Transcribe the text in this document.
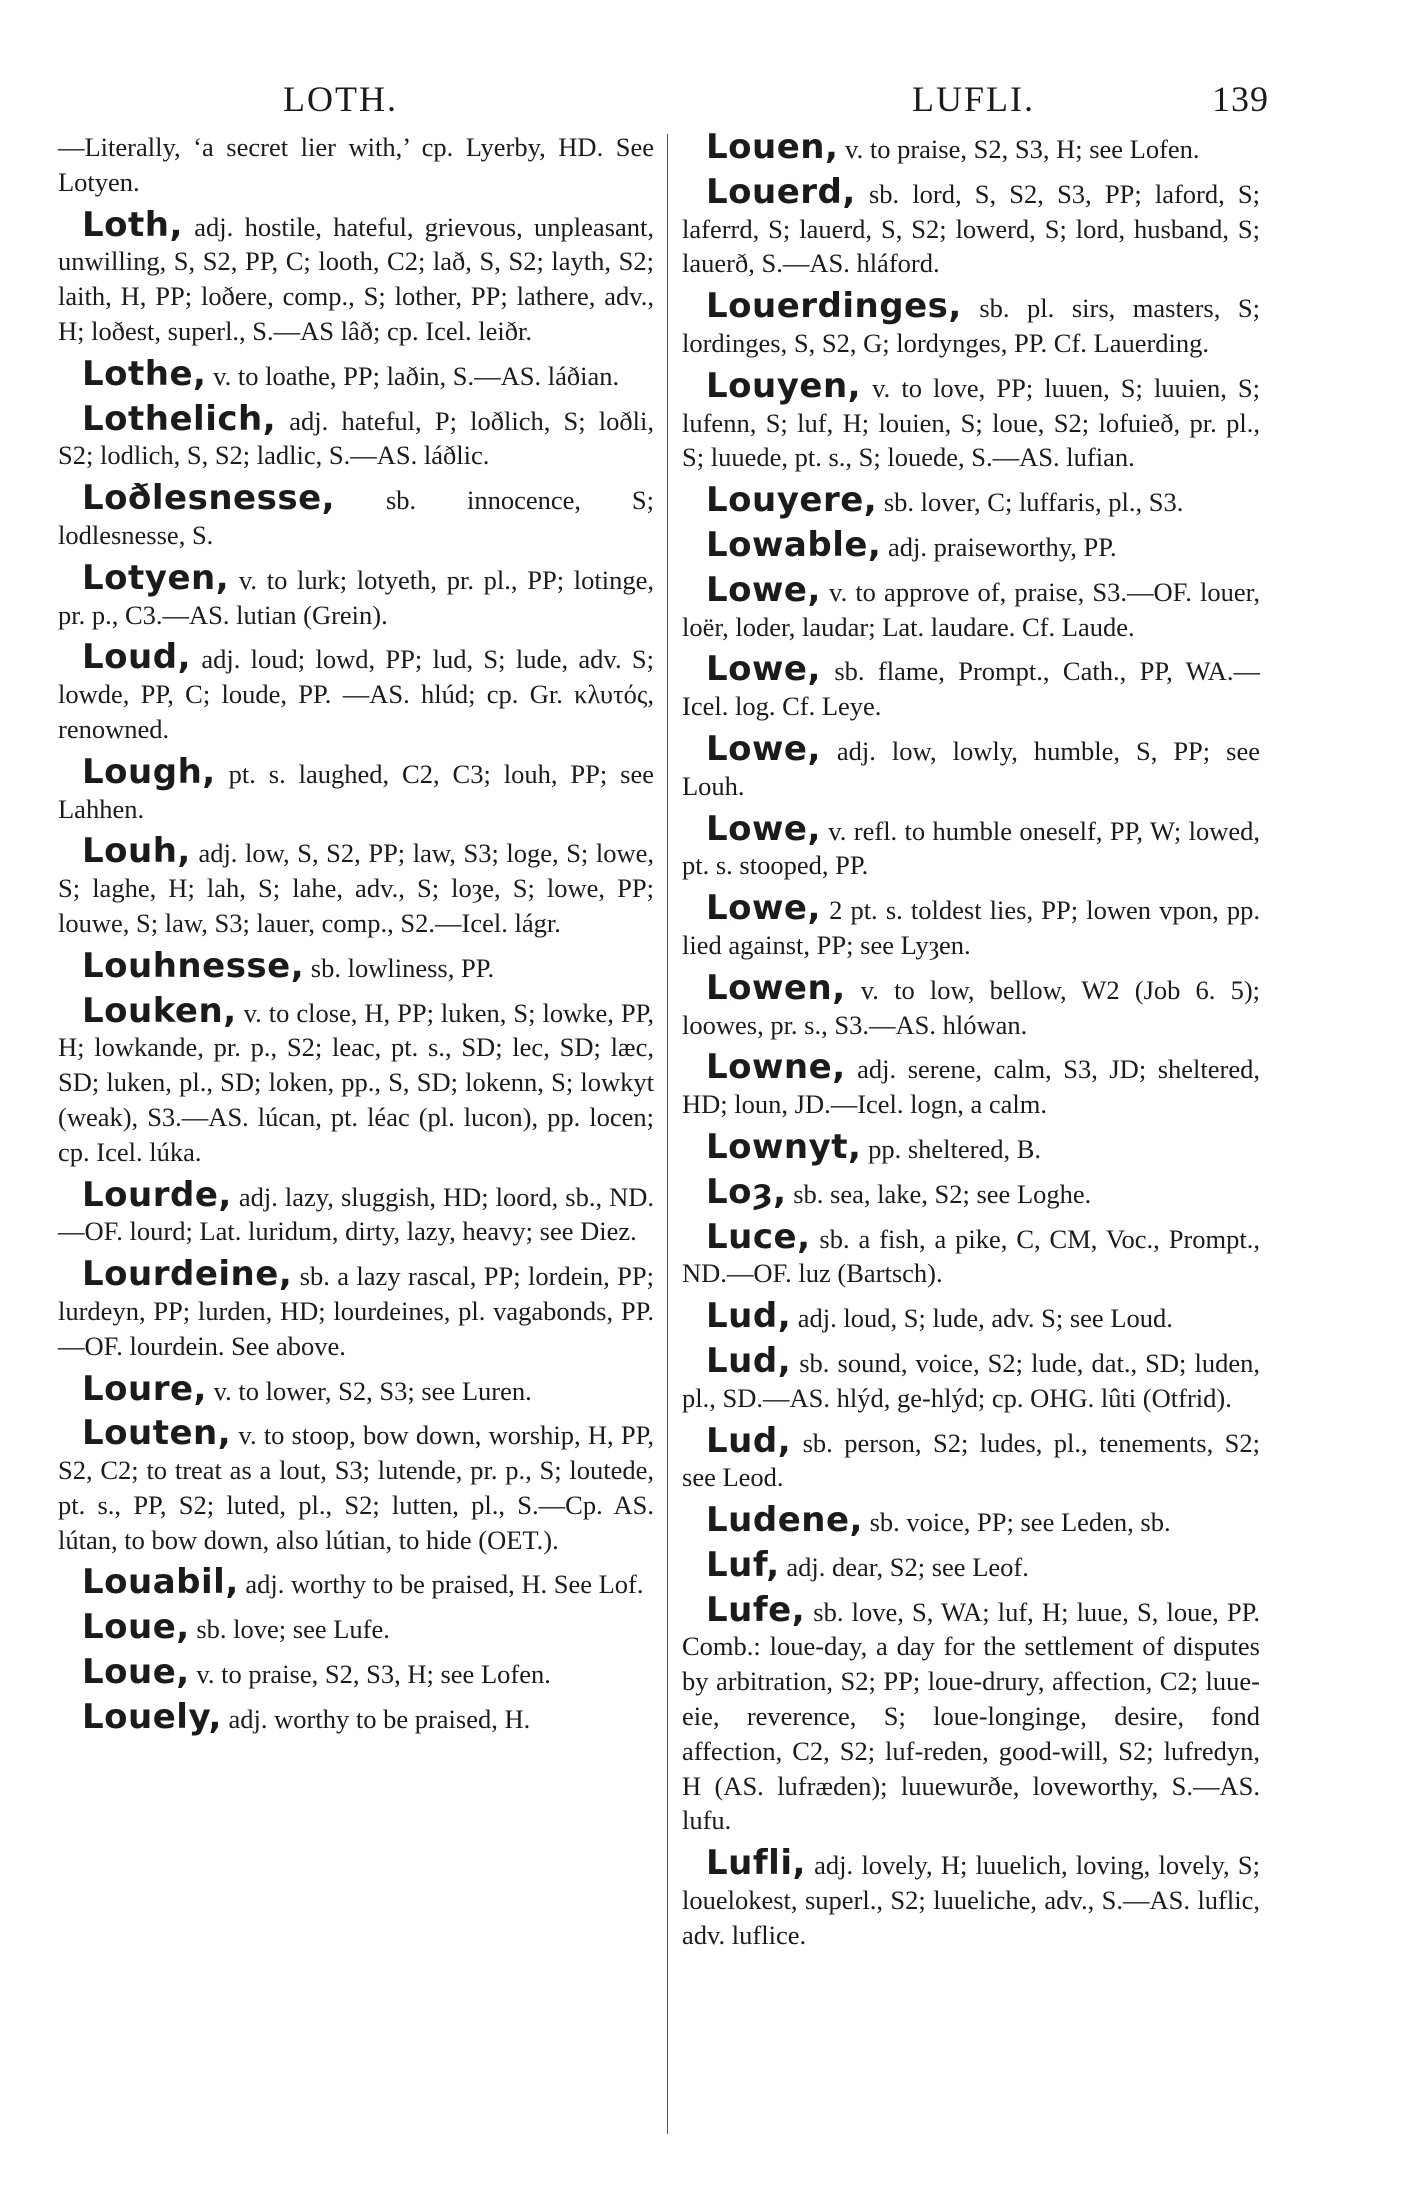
LOTH.	LUFLI.	139

—Literally, ‘a secret lier with,’ cp. Lyerby, HD. See Lotyen.

Loth, adj. hostile, hateful, grievous, unpleasant, unwilling, S, S2, PP, C; looth, C2; lað, S, S2; layth, S2; laith, H, PP; loðere, comp., S; lother, PP; lathere, adv., H; loðest, superl., S.—AS lâð; cp. Icel. leiðr.

Lothe, v. to loathe, PP; laðin, S.—AS. láðian.

Lothelich, adj. hateful, P; loðlich, S; loðli, S2; lodlich, S, S2; ladlic, S.—AS. láðlic.

Loðlesnesse, sb. innocence, S; lodlesnesse, S.

Lotyen, v. to lurk; lotyeth, pr. pl., PP; lotinge, pr. p., C3.—AS. lutian (Grein).

Loud, adj. loud; lowd, PP; lud, S; lude, adv. S; lowde, PP, C; loude, PP. —AS. hlúd; cp. Gr. κλυτός, renowned.

Lough, pt. s. laughed, C2, C3; louh, PP; see Lahhen.

Louh, adj. low, S, S2, PP; law, S3; loge, S; lowe, S; laghe, H; lah, S; lahe, adv., S; loȝe, S; lowe, PP; louwe, S; law, S3; lauer, comp., S2.—Icel. lágr.

Louhnesse, sb. lowliness, PP.

Louken, v. to close, H, PP; luken, S; lowke, PP, H; lowkande, pr. p., S2; leac, pt. s., SD; lec, SD; læc, SD; luken, pl., SD; loken, pp., S, SD; lokenn, S; lowkyt (weak), S3.—AS. lúcan, pt. léac (pl. lucon), pp. locen; cp. Icel. lúka.

Lourde, adj. lazy, sluggish, HD; loord, sb., ND.—OF. lourd; Lat. luridum, dirty, lazy, heavy; see Diez.

Lourdeine, sb. a lazy rascal, PP; lordein, PP; lurdeyn, PP; lurden, HD; lourdeines, pl. vagabonds, PP.—OF. lourdein. See above.

Loure, v. to lower, S2, S3; see Luren.

Louten, v. to stoop, bow down, worship, H, PP, S2, C2; to treat as a lout, S3; lutende, pr. p., S; loutede, pt. s., PP, S2; luted, pl., S2; lutten, pl., S.—Cp. AS. lútan, to bow down, also lútian, to hide (OET.).

Louabil, adj. worthy to be praised, H. See Lof.

Loue, sb. love; see Lufe.

Loue, v. to praise, S2, S3, H; see Lofen.

Louely, adj. worthy to be praised, H.

Louen, v. to praise, S2, S3, H; see Lofen.

Louerd, sb. lord, S, S2, S3, PP; laford, S; laferrd, S; lauerd, S, S2; lowerd, S; lord, husband, S; lauerð, S.—AS. hláford.

Louerdinges, sb. pl. sirs, masters, S; lordinges, S, S2, G; lordynges, PP. Cf. Lauerding.

Louyen, v. to love, PP; luuen, S; luuien, S; lufenn, S; luf, H; louien, S; loue, S2; lofuieð, pr. pl., S; luuede, pt. s., S; louede, S.—AS. lufian.

Louyere, sb. lover, C; luffaris, pl., S3.

Lowable, adj. praiseworthy, PP.

Lowe, v. to approve of, praise, S3.—OF. louer, loër, loder, laudar; Lat. laudare. Cf. Laude.

Lowe, sb. flame, Prompt., Cath., PP, WA.—Icel. log. Cf. Leye.

Lowe, adj. low, lowly, humble, S, PP; see Louh.

Lowe, v. refl. to humble oneself, PP, W; lowed, pt. s. stooped, PP.

Lowe, 2 pt. s. toldest lies, PP; lowen vpon, pp. lied against, PP; see Lyȝen.

Lowen, v. to low, bellow, W2 (Job 6. 5); loowes, pr. s., S3.—AS. hlówan.

Lowne, adj. serene, calm, S3, JD; sheltered, HD; loun, JD.—Icel. logn, a calm.

Lownyt, pp. sheltered, B.

Loȝ, sb. sea, lake, S2; see Loghe.

Luce, sb. a fish, a pike, C, CM, Voc., Prompt., ND.—OF. luz (Bartsch).

Lud, adj. loud, S; lude, adv. S; see Loud.

Lud, sb. sound, voice, S2; lude, dat., SD; luden, pl., SD.—AS. hlýd, ge-hlýd; cp. OHG. lûti (Otfrid).

Lud, sb. person, S2; ludes, pl., tenements, S2; see Leod.

Ludene, sb. voice, PP; see Leden, sb.

Luf, adj. dear, S2; see Leof.

Lufe, sb. love, S, WA; luf, H; luue, S, loue, PP. Comb.: loue-day, a day for the settlement of disputes by arbitration, S2; PP; loue-drury, affection, C2; luue-eie, reverence, S; loue-longinge, desire, fond affection, C2, S2; luf-reden, good-will, S2; lufredyn, H (AS. lufræden); luuewurðe, loveworthy, S.—AS. lufu.

Lufli, adj. lovely, H; luuelich, loving, lovely, S; louelokest, superl., S2; luueliche, adv., S.—AS. luflic, adv. luflice.
